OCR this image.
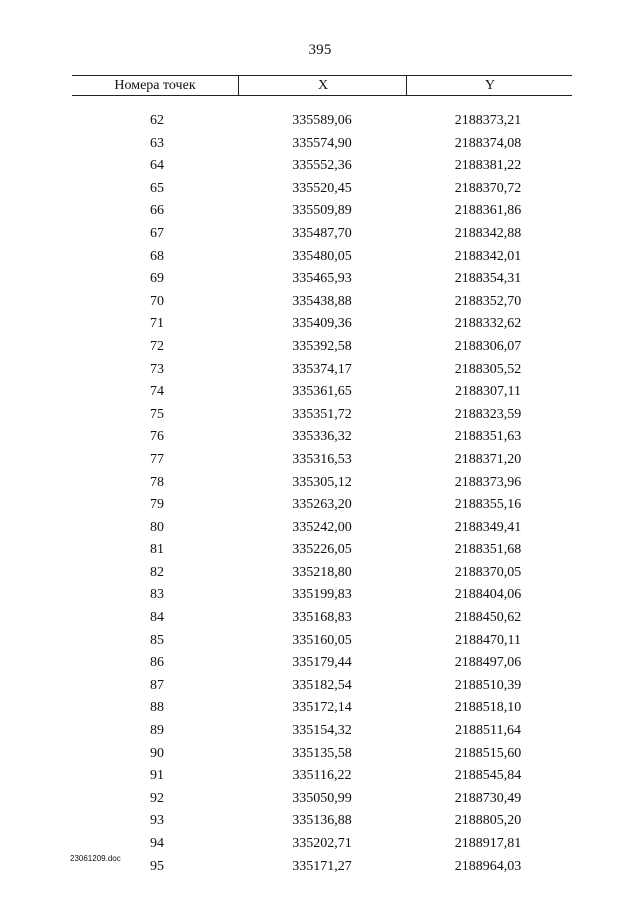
395
Номера точек	X	Y
62	335589,06	2188373,21
63	335574,90	2188374,08
64	335552,36	2188381,22
65	335520,45	2188370,72
66	335509,89	2188361,86
67	335487,70	2188342,88
68	335480,05	2188342,01
69	335465,93	2188354,31
70	335438,88	2188352,70
71	335409,36	2188332,62
72	335392,58	2188306,07
73	335374,17	2188305,52
74	335361,65	2188307,11
75	335351,72	2188323,59
76	335336,32	2188351,63
77	335316,53	2188371,20
78	335305,12	2188373,96
79	335263,20	2188355,16
80	335242,00	2188349,41
81	335226,05	2188351,68
82	335218,80	2188370,05
83	335199,83	2188404,06
84	335168,83	2188450,62
85	335160,05	2188470,11
86	335179,44	2188497,06
87	335182,54	2188510,39
88	335172,14	2188518,10
89	335154,32	2188511,64
90	335135,58	2188515,60
91	335116,22	2188545,84
92	335050,99	2188730,49
93	335136,88	2188805,20
94	335202,71	2188917,81
95	335171,27	2188964,03
23061209.doc
